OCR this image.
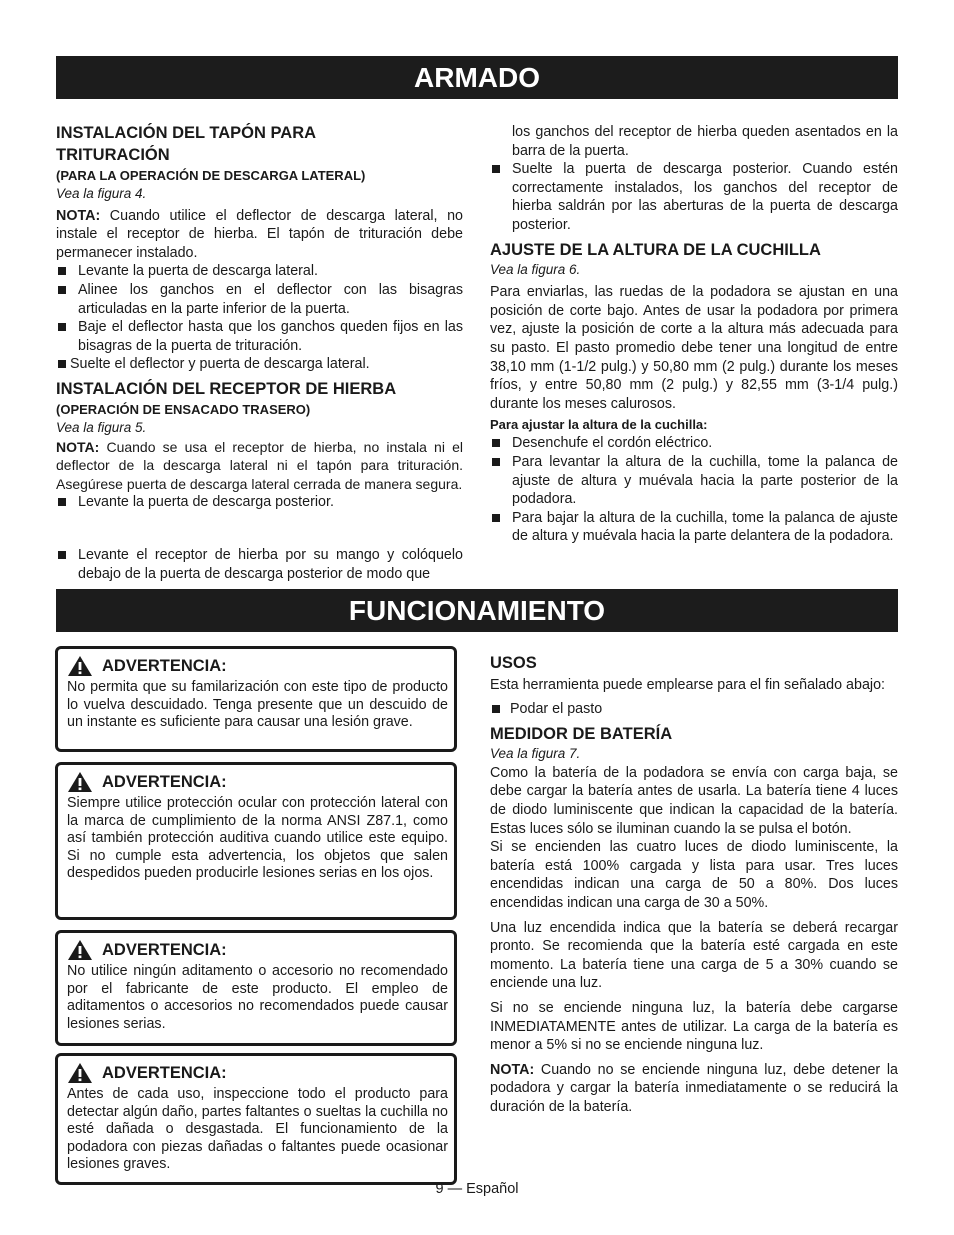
ARMADO
INSTALACIÓN DEL TAPÓN PARA TRITURACIÓN

(PARA LA OPERACIÓN DE DESCARGA LATERAL)

Vea la figura 4.

NOTA: Cuando utilice el deflector de descarga lateral, no instale el receptor de hierba. El tapón de trituración debe permanecer instalado.

Levante la puerta de descarga lateral.
Alinee los ganchos en el deflector con las bisagras articuladas en la parte inferior de la puerta.
Baje el deflector hasta que los ganchos queden fijos en las bisagras de la puerta de trituración.
Suelte el deflector y puerta de descarga lateral.
INSTALACIÓN DEL RECEPTOR DE HIERBA

(OPERACIÓN DE ENSACADO TRASERO)

Vea la figura 5.

NOTA: Cuando se usa el receptor de hierba, no instala ni el deflector de la descarga lateral ni el tapón para trituración. Asegúrese puerta de descarga lateral cerrada de manera segura.

Levante la puerta de descarga posterior.
Levante el receptor de hierba por su mango y colóquelo debajo de la puerta de descarga posterior de modo que

los ganchos del receptor de hierba queden asentados en la barra de la puerta.

Suelte la puerta de descarga posterior. Cuando estén correctamente instalados, los ganchos del receptor de hierba saldrán por las aberturas de la puerta de descarga posterior.
AJUSTE DE LA ALTURA DE LA CUCHILLA

Vea la figura 6.

Para enviarlas, las ruedas de la podadora se ajustan en una posición de corte bajo. Antes de usar la podadora por primera vez, ajuste la posición de corte a la altura más adecuada para su pasto. El pasto promedio debe tener una longitud de entre 38,10 mm (1-1/2 pulg.) y 50,80 mm (2 pulg.) durante los meses fríos, y entre 50,80 mm (2 pulg.) y 82,55 mm (3-1/4 pulg.) durante los meses calurosos.

Para ajustar la altura de la cuchilla:

Desenchufe el cordón eléctrico.
Para levantar la altura de la cuchilla, tome la palanca de ajuste de altura y muévala hacia la parte posterior de la podadora.
Para bajar la altura de la cuchilla, tome la palanca de ajuste de altura y muévala hacia la parte delantera de la podadora.
FUNCIONAMIENTO
ADVERTENCIA:

No permita que su familarización con este tipo de producto lo vuelva descuidado. Tenga presente que un descuido de un instante es suficiente para causar una lesión grave.

ADVERTENCIA:

Siempre utilice protección ocular con protección lateral con la marca de cumplimiento de la norma ANSI Z87.1, como así también protección auditiva cuando utilice este equipo. Si no cumple esta advertencia, los objetos que salen despedidos pueden producirle lesiones serias en los ojos.

ADVERTENCIA:

No utilice ningún aditamento o accesorio no recomendado por el fabricante de este producto. El empleo de aditamentos o accesorios no recomendados puede causar lesiones serias.

ADVERTENCIA:

Antes de cada uso, inspeccione todo el producto para detectar algún daño, partes faltantes o sueltas la cuchilla no esté dañada o desgastada. El funcionamiento de la podadora con piezas dañadas o faltantes puede ocasionar lesiones graves.

USOS

Esta herramienta puede emplearse para el fin señalado abajo:

Podar el pasto
MEDIDOR DE BATERÍA

Vea la figura 7.

Como la batería de la podadora se envía con carga baja, se debe cargar la batería antes de usarla. La batería tiene 4 luces de diodo luminiscente que indican la capacidad de la batería. Estas luces sólo se iluminan cuando la se pulsa el botón.

Si se encienden las cuatro luces de diodo luminiscente, la batería está 100% cargada y lista para usar. Tres luces encendidas indican una carga de 50 a 80%. Dos luces encendidas indican una carga de 30 a 50%.

Una luz encendida indica que la batería se deberá recargar pronto. Se recomienda que la batería esté cargada en este momento. La batería tiene una carga de 5 a 30% cuando se enciende una luz.

Si no se enciende ninguna luz, la batería debe cargarse INMEDIATAMENTE antes de utilizar. La carga de la batería es menor a 5% si no se enciende ninguna luz.

NOTA: Cuando no se enciende ninguna luz, debe detener la podadora y cargar la batería inmediatamente o se reducirá la duración de la batería.

9 — Español
